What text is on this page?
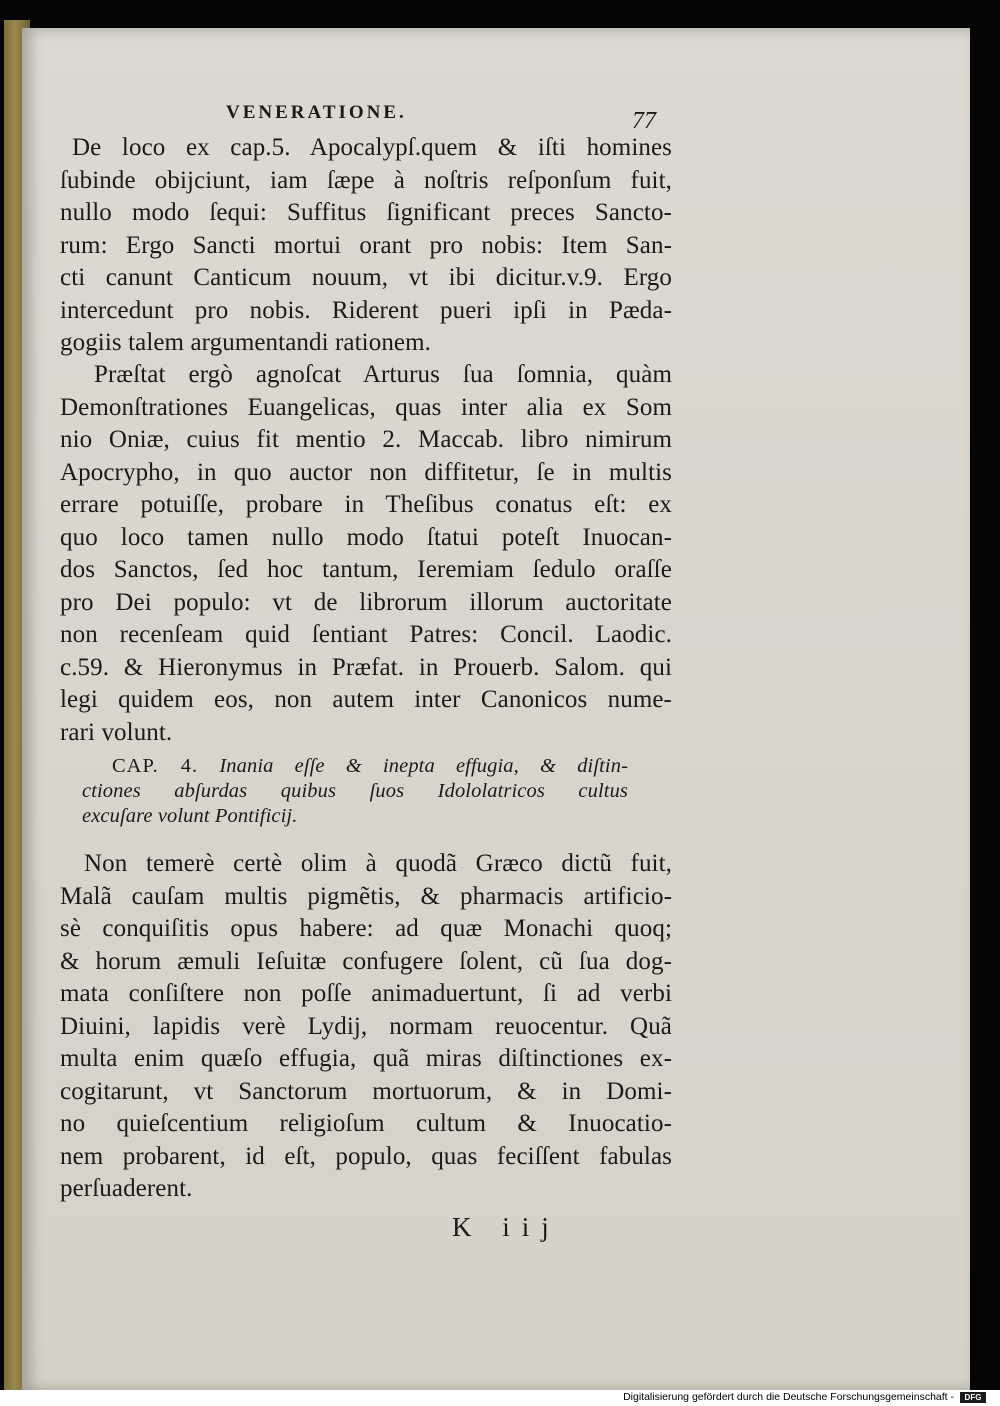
VENERATIONE.	77
De loco ex cap.5. Apocalypſ.quem & iſti homines
ſubinde obijciunt, iam ſæpe à noſtris reſponſum fuit,
nullo modo ſequi: Suffitus ſignificant preces Sancto-
rum: Ergo Sancti mortui orant pro nobis: Item San-
cti canunt Canticum nouum, vt ibi dicitur.v.9. Ergo
intercedunt pro nobis. Riderent pueri ipſi in Pæda-
gogiis talem argumentandi rationem.
Præſtat ergò agnoſcat Arturus ſua ſomnia, quàm
Demonſtrationes Euangelicas, quas inter alia ex Som
nio Oniæ, cuius fit mentio 2. Maccab. libro nimirum
Apocrypho, in quo auctor non diffitetur, ſe in multis
errare potuiſſe, probare in Theſibus conatus eſt: ex
quo loco tamen nullo modo ſtatui poteſt Inuocan-
dos Sanctos, ſed hoc tantum, Ieremiam ſedulo oraſſe
pro Dei populo: vt de librorum illorum auctoritate
non recenſeam quid ſentiant Patres: Concil. Laodic.
c.59. & Hieronymus in Præfat. in Prouerb. Salom. qui
legi quidem eos, non autem inter Canonicos nume-
rari volunt.
CAP. 4. Inania eſſe & inepta effugia, & diſtin-
ctiones abſurdas quibus ſuos Idololatricos cultus
excuſare volunt Pontificij.
Non temerè certè olim à quodã Græco dictũ fuit,
Malã cauſam multis pigmẽtis, & pharmacis artificio-
sè conquiſitis opus habere: ad quæ Monachi quoq;
& horum æmuli Ieſuitæ confugere ſolent, cũ ſua dog-
mata conſiſtere non poſſe animaduertunt, ſi ad verbi
Diuini, lapidis verè Lydij, normam reuocentur. Quã
multa enim quæſo effugia, quã miras diſtinctiones ex-
cogitarunt, vt Sanctorum mortuorum, & in Domi-
no quieſcentium religioſum cultum & Inuocatio-
nem probarent, id eſt, populo, quas feciſſent fabulas
perſuaderent.
K iij
Digitalisierung gefördert durch die Deutsche Forschungsgemeinschaft -	DFG
